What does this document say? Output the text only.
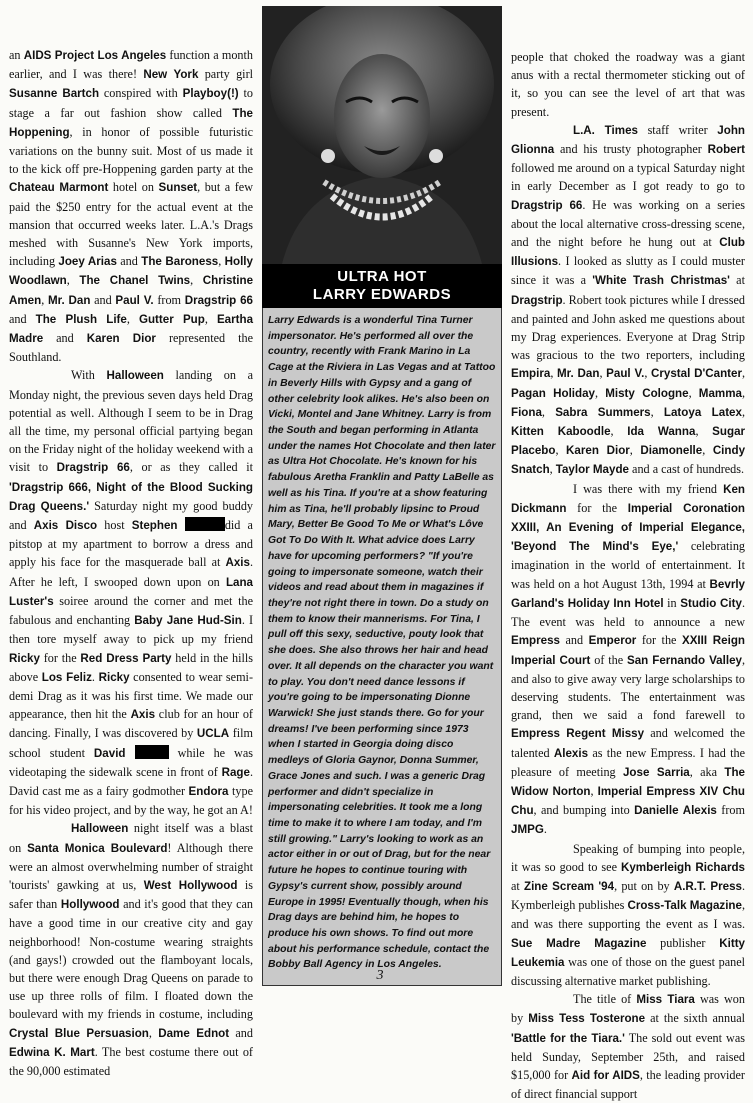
an AIDS Project Los Angeles function a month earlier, and I was there! New York party girl Susanne Bartch conspired with Playboy(!) to stage a far out fashion show called The Hoppening, in honor of possible futuristic variations on the bunny suit. Most of us made it to the kick off pre-Hoppening garden party at the Chateau Marmont hotel on Sunset, but a few paid the $250 entry for the actual event at the mansion that occurred weeks later. L.A.'s Drags meshed with Susanne's New York imports, including Joey Arias and The Baroness, Holly Woodlawn, The Chanel Twins, Christine Amen, Mr. Dan and Paul V. from Dragstrip 66 and The Plush Life, Gutter Pup, Eartha Madre and Karen Dior represented the Southland.

With Halloween landing on a Monday night, the previous seven days held Drag potential as well. Although I seem to be in Drag all the time, my personal official partying began on the Friday night of the holiday weekend with a visit to Dragstrip 66, or as they called it 'Dragstrip 666, Night of the Blood Sucking Drag Queens.' Saturday night my good buddy and Axis Disco host Stephen	did a pitstop at my apartment to borrow a dress and apply his face for the masquerade ball at Axis. After he left, I swooped down upon on Lana Luster's soiree around the corner and met the fabulous and enchanting Baby Jane Hud-Sin. I then tore myself away to pick up my friend Ricky for the Red Dress Party held in the hills above Los Feliz. Ricky consented to wear semi-demi Drag as it was his first time. We made our appearance, then hit the Axis club for an hour of dancing. Finally, I was discovered by UCLA film school student David	while he was videotaping the sidewalk scene in front of Rage. David cast me as a fairy godmother Endora type for his video project, and by the way, he got an A!

Halloween night itself was a blast on Santa Monica Boulevard! Although there were an almost overwhelming number of straight 'tourists' gawking at us, West Hollywood is safer than Hollywood and it's good that they can have a good time in our creative city and gay neighborhood! Non-costume wearing straights (and gays!) crowded out the flamboyant locals, but there were enough Drag Queens on parade to use up three rolls of film. I floated down the boulevard with my friends in costume, including Crystal Blue Persuasion, Dame Ednot and Edwina K. Mart. The best costume there out of the 90,000 estimated

ULTRA HOT
LARRY EDWARDS
Larry Edwards is a wonderful Tina Turner impersonator. He's performed all over the country, recently with Frank Marino in La Cage at the Riviera in Las Vegas and at Tattoo in Beverly Hills with Gypsy and a gang of other celebrity look alikes. He's also been on Vicki, Montel and Jane Whitney. Larry is from the South and began performing in Atlanta under the names Hot Chocolate and then later as Ultra Hot Chocolate. He's known for his fabulous Aretha Franklin and Patty LaBelle as well as his Tina. If you're at a show featuring him as Tina, he'll probably lipsinc to Proud Mary, Better Be Good To Me or What's Lôve Got To Do With It. What advice does Larry have for upcoming performers? "If you're going to impersonate someone, watch their videos and read about them in magazines if they're not right there in town. Do a study on them to know their mannerisms. For Tina, I pull off this sexy, seductive, pouty look that she does. She also throws her hair and head over. It all depends on the character you want to play. You don't need dance lessons if you're going to be impersonating Dionne Warwick! She just stands there. Go for your dreams! I've been performing since 1973 when I started in Georgia doing disco medleys of Gloria Gaynor, Donna Summer, Grace Jones and such. I was a generic Drag performer and didn't specialize in impersonating celebrities. It took me a long time to make it to where I am today, and I'm still growing." Larry's looking to work as an actor either in or out of Drag, but for the near future he hopes to continue touring with Gypsy's current show, possibly around Europe in 1995! Eventually though, when his Drag days are behind him, he hopes to produce his own shows. To find out more about his performance schedule, contact the Bobby Ball Agency in Los Angeles.

people that choked the roadway was a giant anus with a rectal thermometer sticking out of it, so you can see the level of art that was present.

L.A. Times staff writer John Glionna and his trusty photographer Robert followed me around on a typical Saturday night in early December as I got ready to go to Dragstrip 66. He was working on a series about the local alternative cross-dressing scene, and the night before he hung out at Club Illusions. I looked as slutty as I could muster since it was a 'White Trash Christmas' at Dragstrip. Robert took pictures while I dressed and painted and John asked me questions about my Drag experiences. Everyone at Drag Strip was gracious to the two reporters, including Empira, Mr. Dan, Paul V., Crystal D'Canter, Pagan Holiday, Misty Cologne, Mamma, Fiona, Sabra Summers, Latoya Latex, Kitten Kaboodle, Ida Wanna, Sugar Placebo, Karen Dior, Diamonelle, Cindy Snatch, Taylor Mayde and a cast of hundreds.

I was there with my friend Ken Dickmann for the Imperial Coronation XXIII, An Evening of Imperial Elegance, 'Beyond The Mind's Eye,' celebrating imagination in the world of entertainment. It was held on a hot August 13th, 1994 at Bevrly Garland's Holiday Inn Hotel in Studio City. The event was held to announce a new Empress and Emperor for the XXIII Reign Imperial Court of the San Fernando Valley, and also to give away very large scholarships to deserving students. The entertainment was grand, then we said a fond farewell to Empress Regent Missy and welcomed the talented Alexis as the new Empress. I had the pleasure of meeting Jose Sarria, aka The Widow Norton, Imperial Empress XIV Chu Chu, and bumping into Danielle Alexis from JMPG.

Speaking of bumping into people, it was so good to see Kymberleigh Richards at Zine Scream '94, put on by A.R.T. Press. Kymberleigh publishes Cross-Talk Magazine, and was there supporting the event as I was. Sue Madre Magazine publisher Kitty Leukemia was one of those on the guest panel discussing alternative market publishing.

The title of Miss Tiara was won by Miss Tess Tosterone at the sixth annual 'Battle for the Tiara.' The sold out event was held Sunday, September 25th, and raised $15,000 for Aid for AIDS, the leading provider of direct financial support

3
